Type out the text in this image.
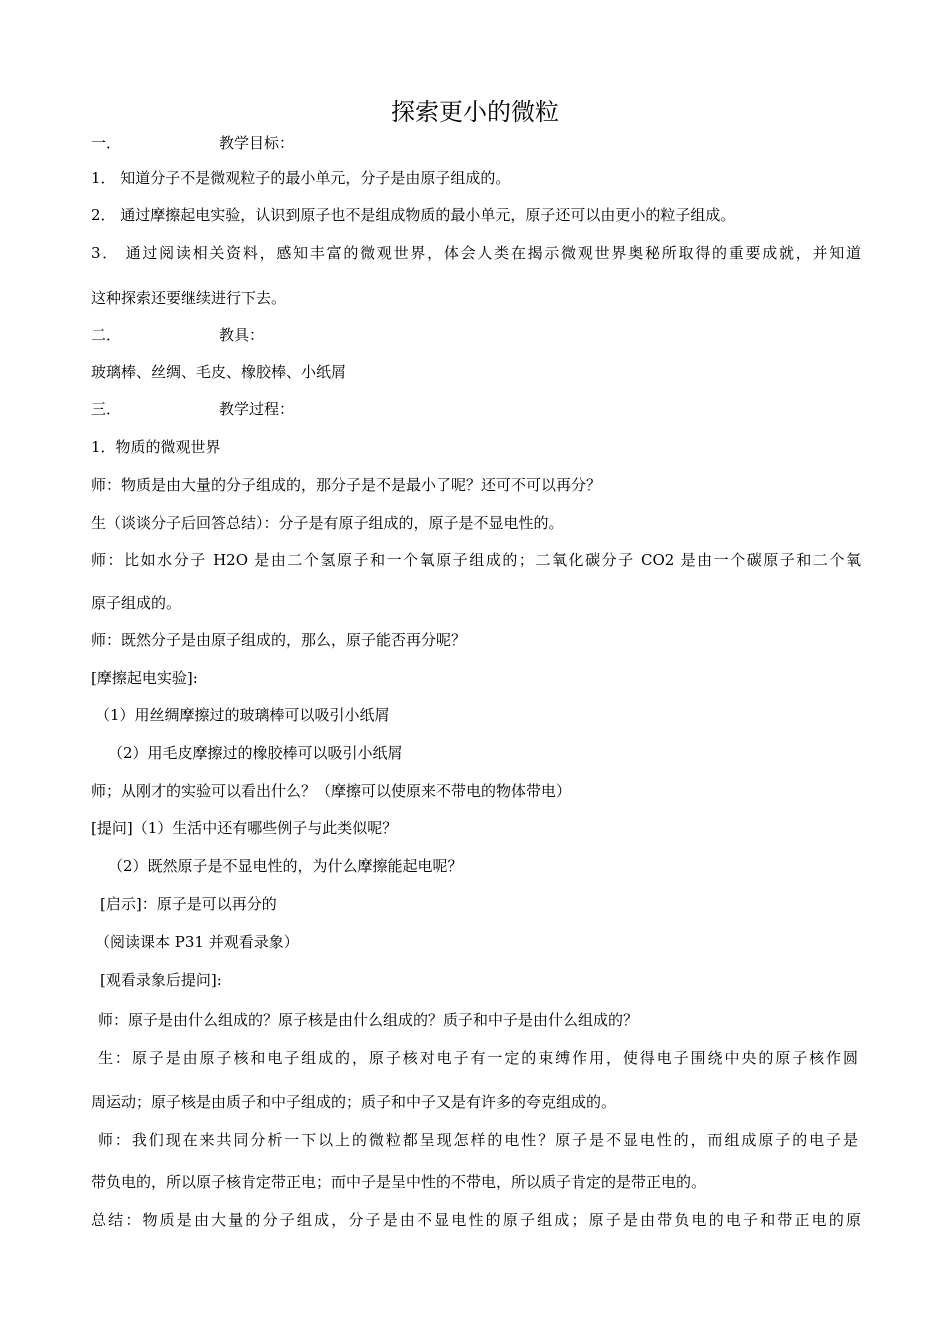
探索更小的微粒
一．	教学目标：
1． 知道分子不是微观粒子的最小单元，分子是由原子组成的。
2． 通过摩擦起电实验，认识到原子也不是组成物质的最小单元，原子还可以由更小的粒子组成。
3． 通过阅读相关资料，感知丰富的微观世界，体会人类在揭示微观世界奥秘所取得的重要成就，并知道
这种探索还要继续进行下去。
二．	教具：
玻璃棒、丝绸、毛皮、橡胶棒、小纸屑
三．	教学过程：
1．物质的微观世界
师：物质是由大量的分子组成的，那分子是不是最小了呢？还可不可以再分？
生（谈谈分子后回答总结）：分子是有原子组成的，原子是不显电性的。
师：比如水分子 H2O 是由二个氢原子和一个氧原子组成的；二氧化碳分子 CO2 是由一个碳原子和二个氧
原子组成的。
师：既然分子是由原子组成的，那么，原子能否再分呢？
[摩擦起电实验]:
（1）用丝绸摩擦过的玻璃棒可以吸引小纸屑
（2）用毛皮摩擦过的橡胶棒可以吸引小纸屑
师；从刚才的实验可以看出什么？（摩擦可以使原来不带电的物体带电）
[提问]（1）生活中还有哪些例子与此类似呢？
（2）既然原子是不显电性的，为什么摩擦能起电呢？
[启示]：原子是可以再分的
（阅读课本 P31 并观看录象）
[观看录象后提问]:
师：原子是由什么组成的？原子核是由什么组成的？质子和中子是由什么组成的？
生：原子是由原子核和电子组成的，原子核对电子有一定的束缚作用，使得电子围绕中央的原子核作圆
周运动；原子核是由质子和中子组成的；质子和中子又是有许多的夸克组成的。
师：我们现在来共同分析一下以上的微粒都呈现怎样的电性？原子是不显电性的，而组成原子的电子是
带负电的，所以原子核肯定带正电；而中子是呈中性的不带电，所以质子肯定的是带正电的。
总结：物质是由大量的分子组成，分子是由不显电性的原子组成；原子是由带负电的电子和带正电的原
